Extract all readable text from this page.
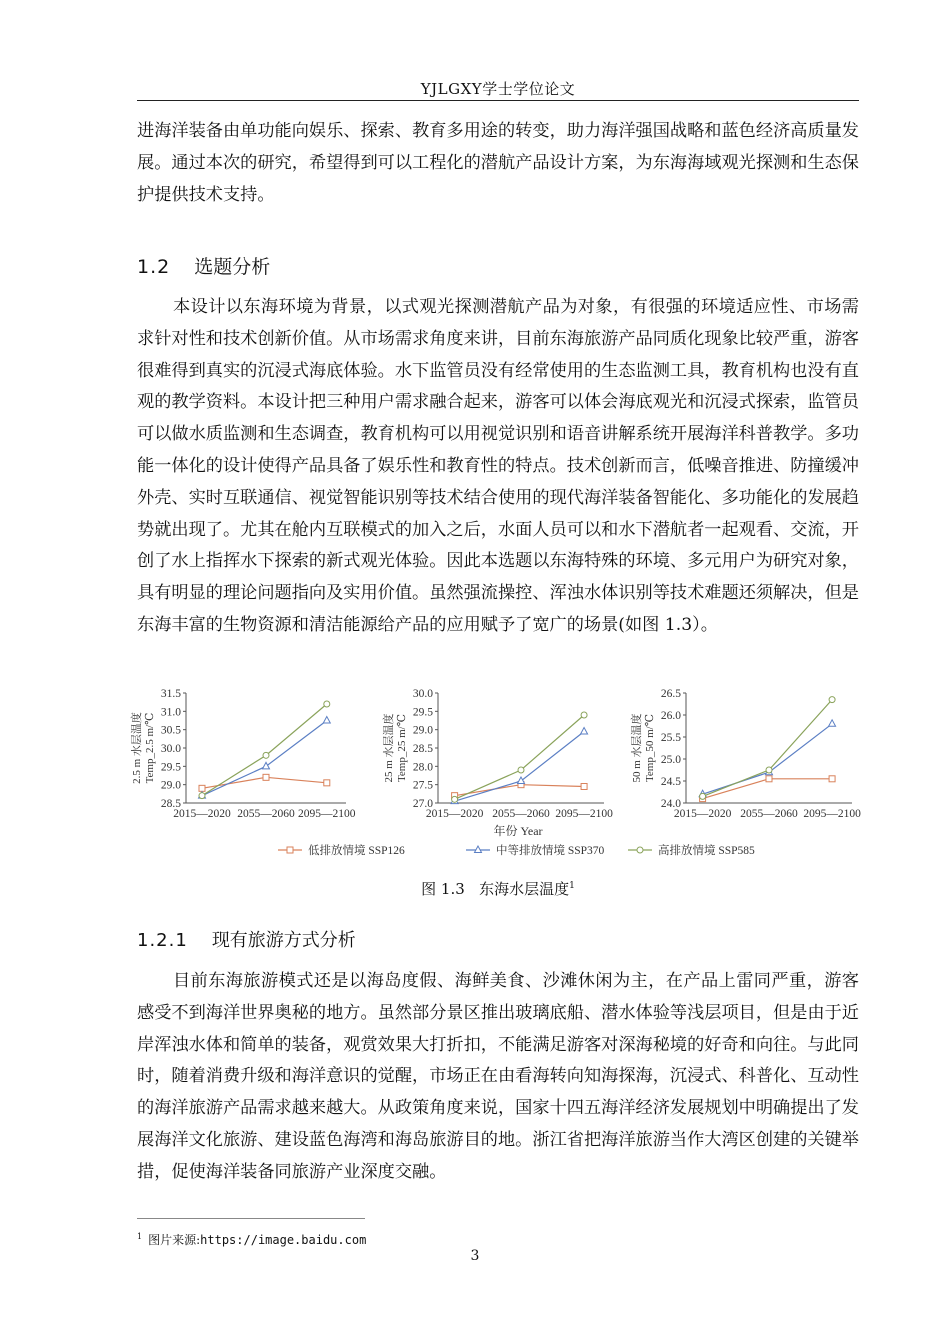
YJLGXY学士学位论文

进海洋装备由单功能向娱乐、探索、教育多用途的转变，助力海洋强国战略和蓝色经济高质量发展。通过本次的研究，希望得到可以工程化的潜航产品设计方案，为东海海域观光探测和生态保护提供技术支持。

1.2 选题分析

本设计以东海环境为背景，以式观光探测潜航产品为对象，有很强的环境适应性、市场需求针对性和技术创新价值。从市场需求角度来讲，目前东海旅游产品同质化现象比较严重，游客很难得到真实的沉浸式海底体验。水下监管员没有经常使用的生态监测工具，教育机构也没有直观的教学资料。本设计把三种用户需求融合起来，游客可以体会海底观光和沉浸式探索，监管员可以做水质监测和生态调查，教育机构可以用视觉识别和语音讲解系统开展海洋科普教学。多功能一体化的设计使得产品具备了娱乐性和教育性的特点。技术创新而言，低噪音推进、防撞缓冲外壳、实时互联通信、视觉智能识别等技术结合使用的现代海洋装备智能化、多功能化的发展趋势就出现了。尤其在舱内互联模式的加入之后，水面人员可以和水下潜航者一起观看、交流，开创了水上指挥水下探索的新式观光体验。因此本选题以东海特殊的环境、多元用户为研究对象，具有明显的理论问题指向及实用价值。虽然强流操控、浑浊水体识别等技术难题还须解决，但是东海丰富的生物资源和清洁能源给产品的应用赋予了宽广的场景(如图 1.3）。

28.5
29.0
29.5
30.0
30.5
31.0
31.5
2015—2020 2055—2060 2095—2100
2.5 m 水层温度 Temp_2.5 m/℃
27.0
27.5
28.0
28.5
29.0
29.5
30.0
2015—2020 2055—2060 2095—2100
25 m 水层温度 Temp_25 m/℃
24.0
24.5
25.0
25.5
26.0
26.5
2015—2020 2055—2060 2095—2100
50 m 水层温度 Temp_50 m/℃
年份 Year
低排放情境 SSP126	中等排放情境 SSP370	高排放情境 SSP585
图 1.3 东海水层温度$^1$
1.2.1 现有旅游方式分析

目前东海旅游模式还是以海岛度假、海鲜美食、沙滩休闲为主，在产品上雷同严重，游客感受不到海洋世界奥秘的地方。虽然部分景区推出玻璃底船、潜水体验等浅层项目，但是由于近岸浑浊水体和简单的装备，观赏效果大打折扣，不能满足游客对深海秘境的好奇和向往。与此同时，随着消费升级和海洋意识的觉醒，市场正在由看海转向知海探海，沉浸式、科普化、互动性的海洋旅游产品需求越来越大。从政策角度来说，国家十四五海洋经济发展规划中明确提出了发展海洋文化旅游、建设蓝色海湾和海岛旅游目的地。浙江省把海洋旅游当作大湾区创建的关键举措，促使海洋装备同旅游产业深度交融。

$^1$ 图片来源:https://image.baidu.com
3
